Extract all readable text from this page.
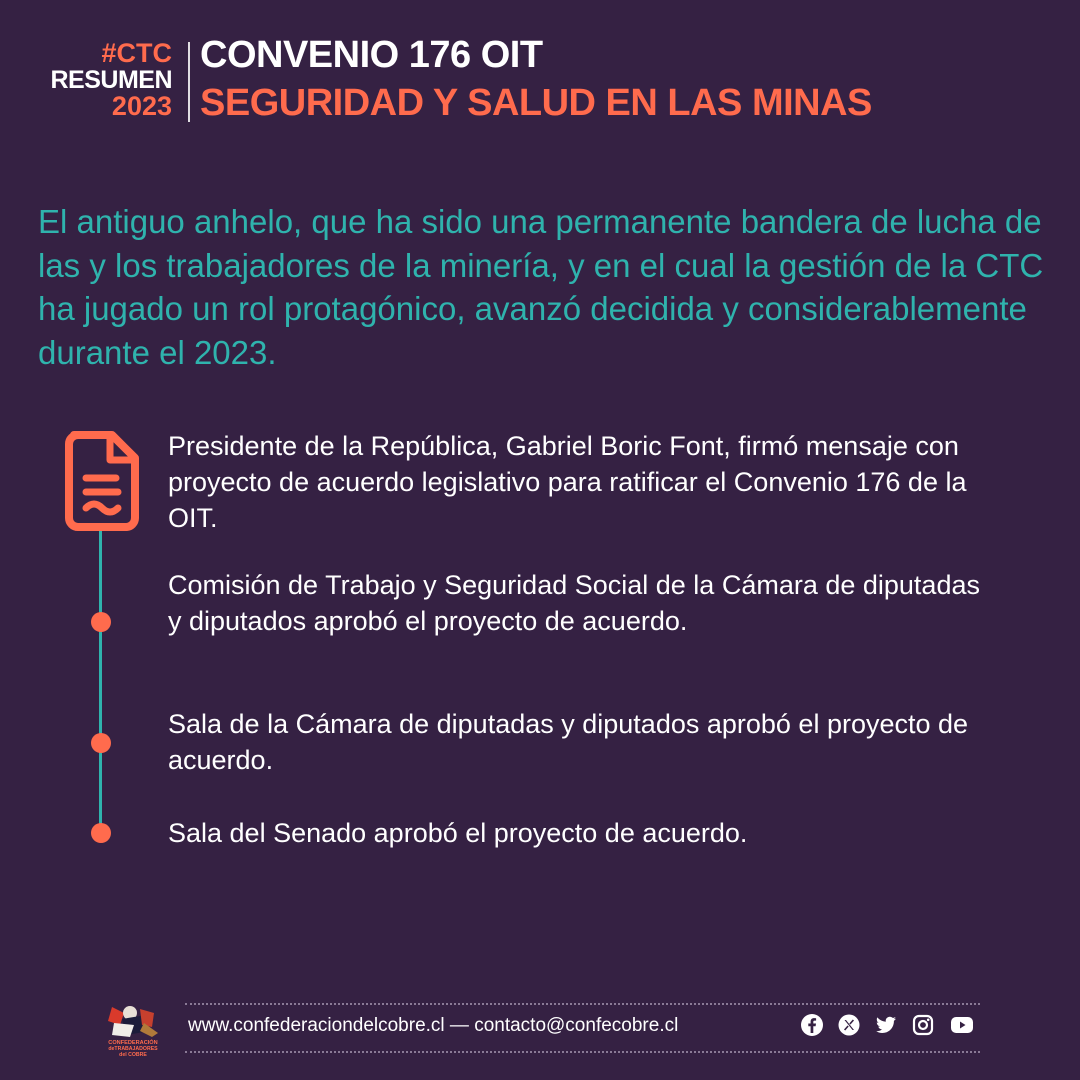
#CTC
RESUMEN
2023
CONVENIO 176 OIT
SEGURIDAD Y SALUD EN LAS MINAS

El antiguo anhelo, que ha sido una permanente bandera de lucha de las y los trabajadores de la minería, y en el cual la gestión de la CTC ha jugado un rol protagónico, avanzó decidida y considerablemente durante el 2023.

Presidente de la República, Gabriel Boric Font, firmó mensaje con proyecto de acuerdo legislativo para ratificar el Convenio 176 de la OIT.

Comisión de Trabajo y Seguridad Social de la Cámara de diputadas y diputados aprobó el proyecto de acuerdo.

Sala de la Cámara de diputadas y diputados aprobó el proyecto de acuerdo.

Sala del Senado aprobó el proyecto de acuerdo.

CONFEDERACIÓN
deTRABAJADORES
del COBRE
www.confederaciondelcobre.cl — contacto@confecobre.cl
